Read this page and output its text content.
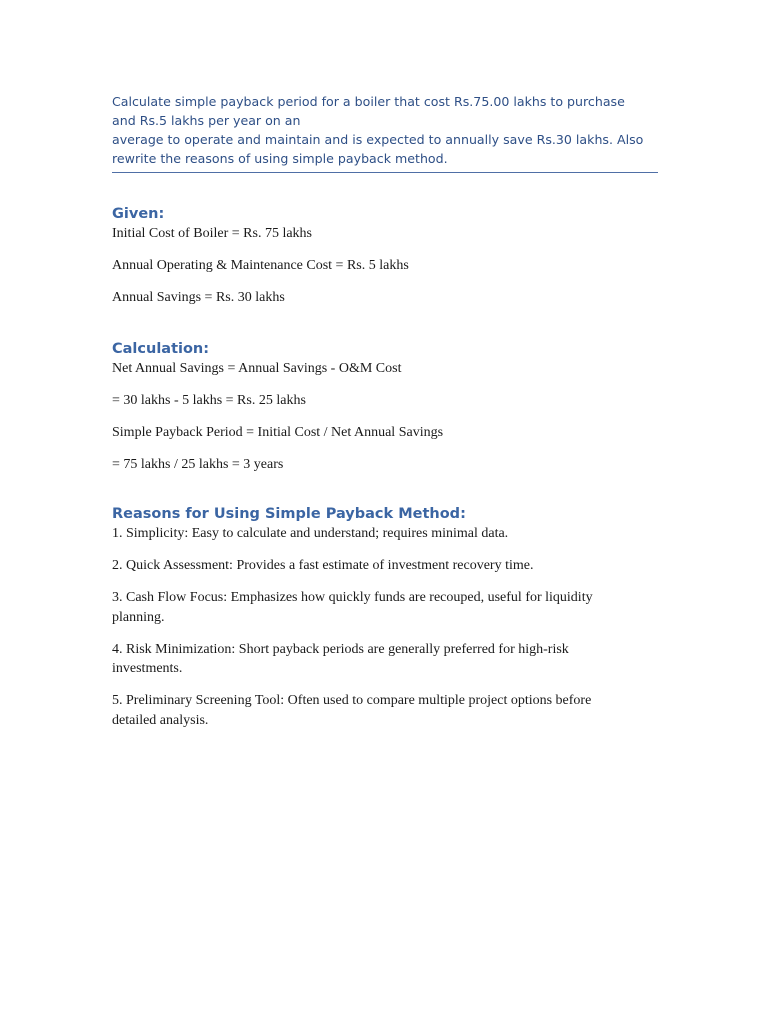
Calculate simple payback period for a boiler that cost Rs.75.00 lakhs to purchase
and Rs.5 lakhs per year on an
average to operate and maintain and is expected to annually save Rs.30 lakhs. Also
rewrite the reasons of using simple payback method.
Given:

Initial Cost of Boiler = Rs. 75 lakhs

Annual Operating & Maintenance Cost = Rs. 5 lakhs

Annual Savings = Rs. 30 lakhs

Calculation:

Net Annual Savings = Annual Savings - O&M Cost

= 30 lakhs - 5 lakhs = Rs. 25 lakhs

Simple Payback Period = Initial Cost / Net Annual Savings

= 75 lakhs / 25 lakhs = 3 years

Reasons for Using Simple Payback Method:

1. Simplicity: Easy to calculate and understand; requires minimal data.

2. Quick Assessment: Provides a fast estimate of investment recovery time.

3. Cash Flow Focus: Emphasizes how quickly funds are recouped, useful for liquidity

planning.

4. Risk Minimization: Short payback periods are generally preferred for high-risk

investments.

5. Preliminary Screening Tool: Often used to compare multiple project options before

detailed analysis.
